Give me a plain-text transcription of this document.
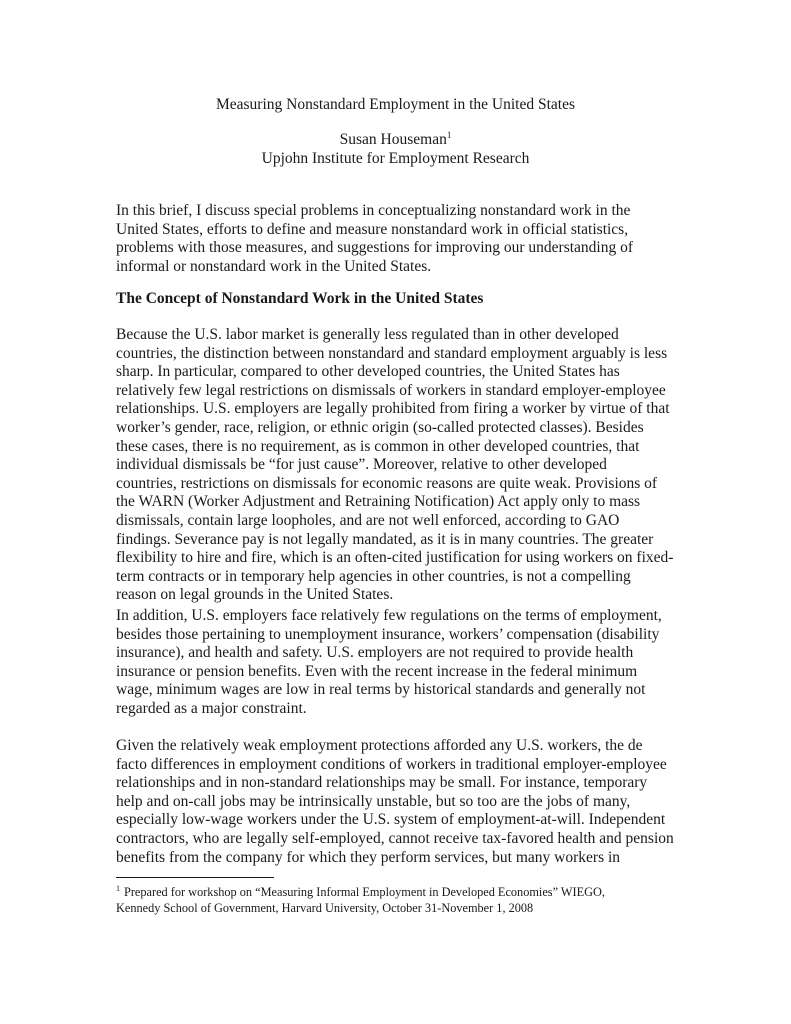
Measuring Nonstandard Employment in the United States
Susan Houseman$^1$
Upjohn Institute for Employment Research

In this brief, I discuss special problems in conceptualizing nonstandard work in the
United States, efforts to define and measure nonstandard work in official statistics,
problems with those measures, and suggestions for improving our understanding of
informal or nonstandard work in the United States.

The Concept of Nonstandard Work in the United States

Because the U.S. labor market is generally less regulated than in other developed
countries, the distinction between nonstandard and standard employment arguably is less
sharp. In particular, compared to other developed countries, the United States has
relatively few legal restrictions on dismissals of workers in standard employer-employee
relationships. U.S. employers are legally prohibited from firing a worker by virtue of that
worker’s gender, race, religion, or ethnic origin (so-called protected classes). Besides
these cases, there is no requirement, as is common in other developed countries, that
individual dismissals be “for just cause”. Moreover, relative to other developed
countries, restrictions on dismissals for economic reasons are quite weak. Provisions of
the WARN (Worker Adjustment and Retraining Notification) Act apply only to mass
dismissals, contain large loopholes, and are not well enforced, according to GAO
findings. Severance pay is not legally mandated, as it is in many countries. The greater
flexibility to hire and fire, which is an often-cited justification for using workers on fixed-
term contracts or in temporary help agencies in other countries, is not a compelling
reason on legal grounds in the United States.

In addition, U.S. employers face relatively few regulations on the terms of employment,
besides those pertaining to unemployment insurance, workers’ compensation (disability
insurance), and health and safety. U.S. employers are not required to provide health
insurance or pension benefits. Even with the recent increase in the federal minimum
wage, minimum wages are low in real terms by historical standards and generally not
regarded as a major constraint.

Given the relatively weak employment protections afforded any U.S. workers, the de
facto differences in employment conditions of workers in traditional employer-employee
relationships and in non-standard relationships may be small. For instance, temporary
help and on-call jobs may be intrinsically unstable, but so too are the jobs of many,
especially low-wage workers under the U.S. system of employment-at-will. Independent
contractors, who are legally self-employed, cannot receive tax-favored health and pension
benefits from the company for which they perform services, but many workers in

$^1$ Prepared for workshop on “Measuring Informal Employment in Developed Economies” WIEGO,
Kennedy School of Government, Harvard University, October 31-November 1, 2008
